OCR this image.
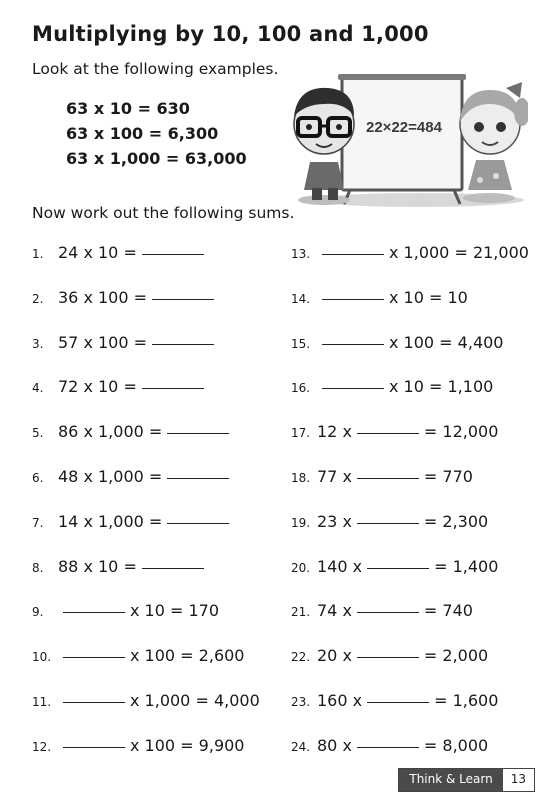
Multiplying by 10, 100 and 1,000
Look at the following examples.
63 x 10 = 630
63 x 100 = 6,300
63 x 1,000 = 63,000
22×22=484
Now work out the following sums.
1. 24 x 10 =
2. 36 x 100 =
3. 57 x 100 =
4. 72 x 10 =
5. 86 x 1,000 =
6. 48 x 1,000 =
7. 14 x 1,000 =
8. 88 x 10 =
9.	x 10 = 170
10.	x 100 = 2,600
11.	x 1,000 = 4,000
12.	x 100 = 9,900
13.	x 1,000 = 21,000
14.	x 10 = 10
15.	x 100 = 4,400
16.	x 10 = 1,100
17. 12 x	= 12,000
18. 77 x	= 770
19. 23 x	= 2,300
20. 140 x	= 1,400
21. 74 x	= 740
22. 20 x	= 2,000
23. 160 x	= 1,600
24. 80 x	= 8,000
Think & Learn	13
